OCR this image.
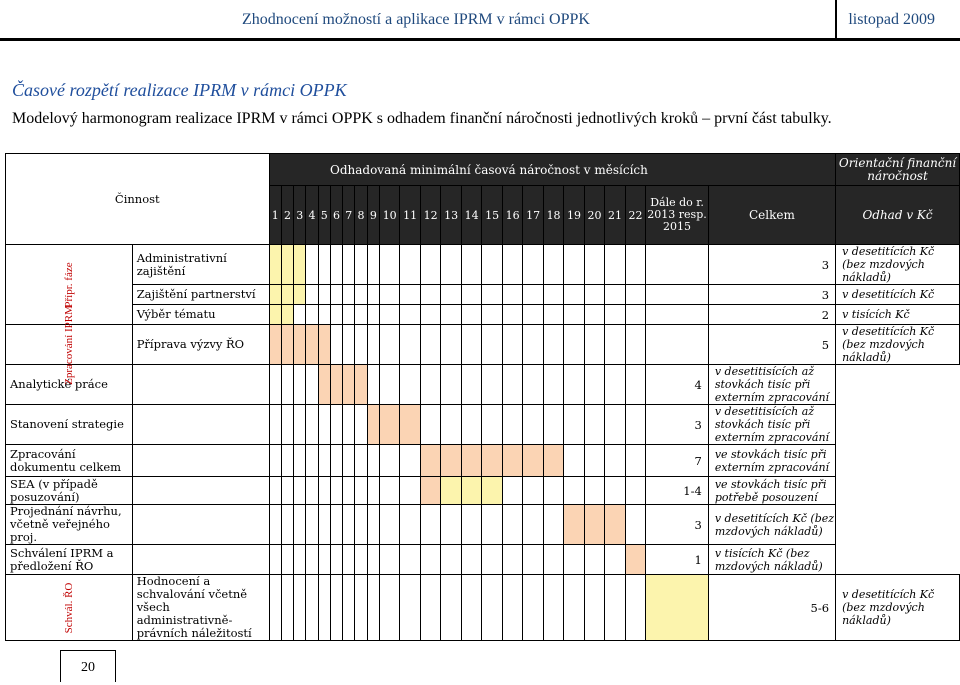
Zhodnocení možností a aplikace IPRM v rámci OPPK	listopad 2009
Časové rozpětí realizace IPRM v rámci OPPK
Modelový harmonogram realizace IPRM v rámci OPPK s odhadem finanční náročnosti jednotlivých kroků – první část tabulky.
Činnost		Odhadovaná minimální časová náročnost v měsících																								Orientační finanční náročnost
		1	2	3	4	5	6	7	8	9	10	11	12	13	14	15	16	17	18	19	20	21	22	Dále do r. 2013 resp. 2015	Celkem	Odhad v Kč

Přípr. fáze	Administrativní zajištění																								3	v desetitících Kč (bez mzdových nákladů)
	Zajištění partnerství																								3	v desetitících Kč
	Výběr tématu																								2	v tisících Kč

Zpracování IPRM	Příprava výzvy ŘO																								5	v desetitících Kč (bez mzdových nákladů)
Analytické práce																								4	v desetitisících až stovkách tisíc při externím zpracování	
Stanovení strategie																								3	v desetitisících až stovkách tisíc při externím zpracování	
Zpracování dokumentu celkem																								7	ve stovkách tisíc při externím zpracování	
SEA (v případě posuzování)																								1-4	ve stovkách tisíc při potřebě posouzení	
Projednání návrhu, včetně veřejného proj.																								3	v desetitících Kč (bez mzdových nákladů)	
Schválení IPRM a předložení ŘO																								1	v tisících Kč (bez mzdových nákladů)	

Schvál. ŘO	Hodnocení a schvalování včetně všech administrativně-právních náležitostí																								5-6	v desetitících Kč (bez mzdových nákladů)
20
